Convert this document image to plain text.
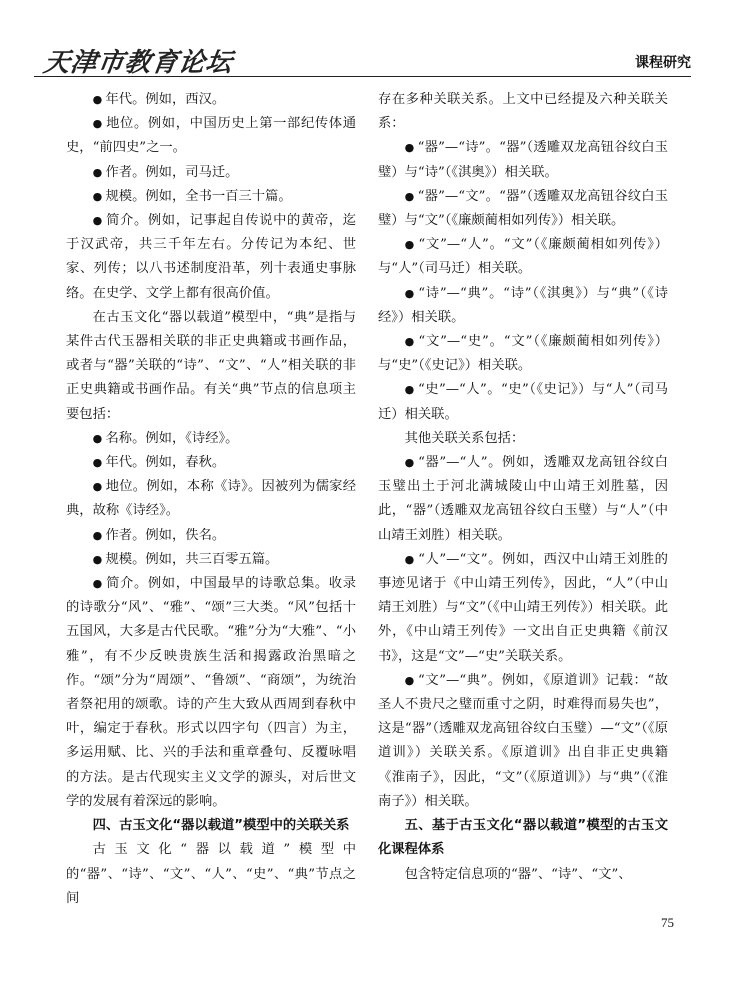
天津市教育论坛	课程研究

● 年代。例如，西汉。

● 地位。例如，中国历史上第一部纪传体通史，“前四史”之一。

● 作者。例如，司马迁。

● 规模。例如，全书一百三十篇。

● 简介。例如，记事起自传说中的黄帝，迄于汉武帝，共三千年左右。分传记为本纪、世家、列传；以八书述制度沿革，列十表通史事脉络。在史学、文学上都有很高价值。

在古玉文化“器以载道”模型中，“典”是指与某件古代玉器相关联的非正史典籍或书画作品，或者与“器”关联的“诗”、“文”、“人”相关联的非正史典籍或书画作品。有关“典”节点的信息项主要包括：

● 名称。例如，《诗经》。

● 年代。例如，春秋。

● 地位。例如，本称《诗》。因被列为儒家经典，故称《诗经》。

● 作者。例如，佚名。

● 规模。例如，共三百零五篇。

● 简介。例如，中国最早的诗歌总集。收录的诗歌分“风”、“雅”、“颂”三大类。“风”包括十五国风，大多是古代民歌。“雅”分为“大雅”、“小雅”，有不少反映贵族生活和揭露政治黑暗之作。“颂”分为“周颂”、“鲁颂”、“商颂”，为统治者祭祀用的颂歌。诗的产生大致从西周到春秋中叶，编定于春秋。形式以四字句（四言）为主，多运用赋、比、兴的手法和重章叠句、反覆咏唱的方法。是古代现实主义文学的源头，对后世文学的发展有着深远的影响。

四、古玉文化“器以载道”模型中的关联关系

古玉文化“器以载道”模型中的“器”、“诗”、“文”、“人”、“史”、“典”节点之间

存在多种关联关系。上文中已经提及六种关联关系：

● “器”—“诗”。“器”（透雕双龙高钮谷纹白玉璧）与“诗”（《淇奥》）相关联。

● “器”—“文”。“器”（透雕双龙高钮谷纹白玉璧）与“文”（《廉颇蔺相如列传》）相关联。

● “文”—“人”。“文”（《廉颇蔺相如列传》）与“人”（司马迁）相关联。

● “诗”—“典”。“诗”（《淇奥》）与“典”（《诗经》）相关联。

● “文”—“史”。“文”（《廉颇蔺相如列传》）与“史”（《史记》）相关联。

● “史”—“人”。“史”（《史记》）与“人”（司马迁）相关联。

其他关联关系包括：

● “器”—“人”。例如，透雕双龙高钮谷纹白玉璧出土于河北满城陵山中山靖王刘胜墓，因此，“器”（透雕双龙高钮谷纹白玉璧）与“人”（中山靖王刘胜）相关联。

● “人”—“文”。例如，西汉中山靖王刘胜的事迹见诸于《中山靖王列传》，因此，“人”（中山靖王刘胜）与“文”（《中山靖王列传》）相关联。此外，《中山靖王列传》一文出自正史典籍《前汉书》，这是“文”—“史”关联关系。

● “文”—“典”。例如，《原道训》记载：“故圣人不贵尺之璧而重寸之阴，时难得而易失也”，这是“器”（透雕双龙高钮谷纹白玉璧）—“文”（《原道训》）关联关系。《原道训》出自非正史典籍《淮南子》，因此，“文”（《原道训》）与“典”（《淮南子》）相关联。

五、基于古玉文化“器以载道”模型的古玉文化课程体系

包含特定信息项的“器”、“诗”、“文”、

75
